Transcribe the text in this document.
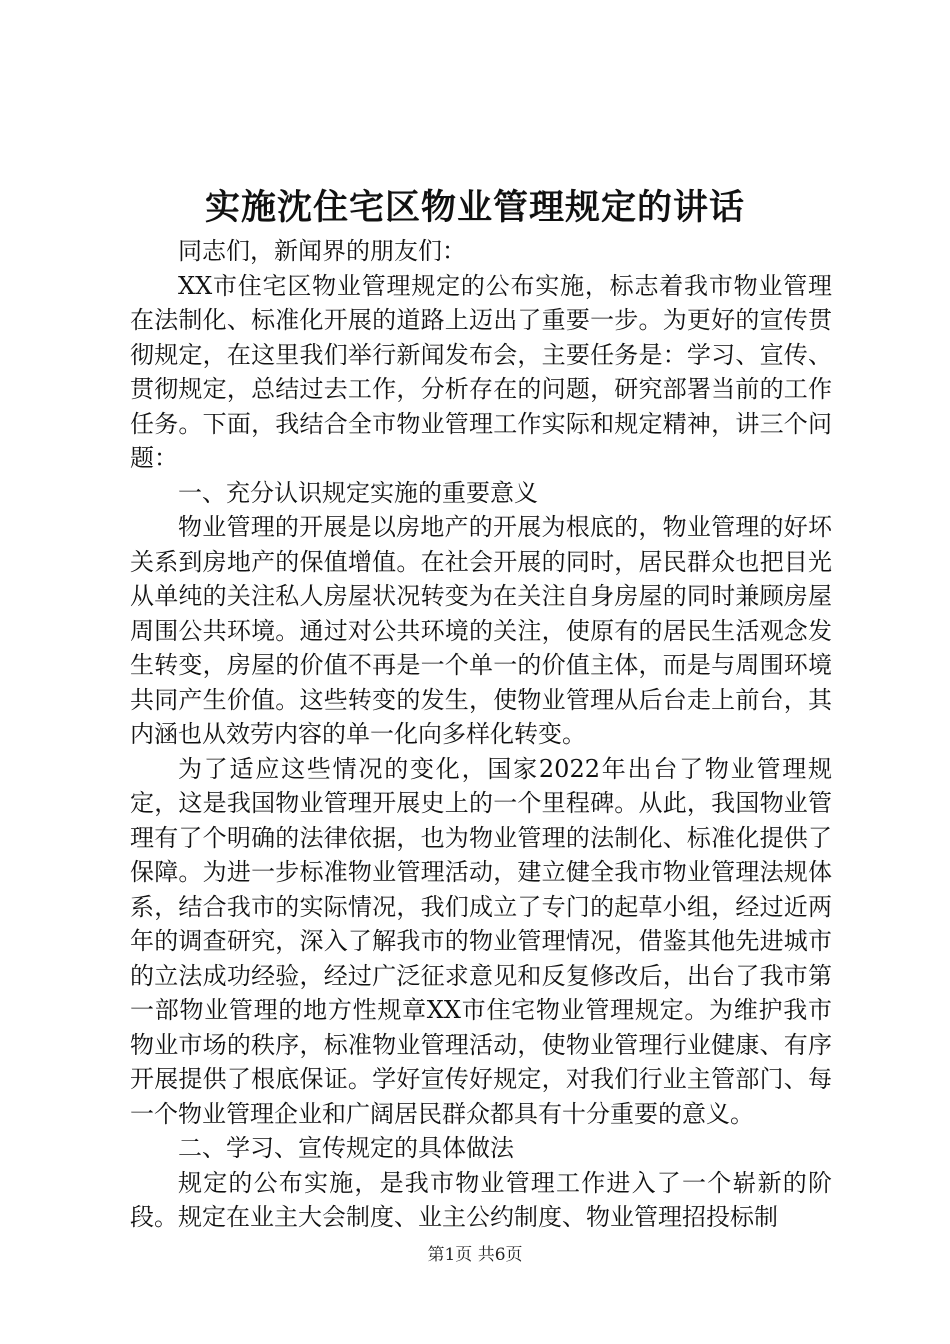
实施沈住宅区物业管理规定的讲话

同志们，新闻界的朋友们：

XX市住宅区物业管理规定的公布实施，标志着我市物业管理在法制化、标准化开展的道路上迈出了重要一步。为更好的宣传贯彻规定，在这里我们举行新闻发布会，主要任务是：学习、宣传、贯彻规定，总结过去工作，分析存在的问题，研究部署当前的工作任务。下面，我结合全市物业管理工作实际和规定精神，讲三个问题：

一、充分认识规定实施的重要意义

物业管理的开展是以房地产的开展为根底的，物业管理的好坏关系到房地产的保值增值。在社会开展的同时，居民群众也把目光从单纯的关注私人房屋状况转变为在关注自身房屋的同时兼顾房屋周围公共环境。通过对公共环境的关注，使原有的居民生活观念发生转变，房屋的价值不再是一个单一的价值主体，而是与周围环境共同产生价值。这些转变的发生，使物业管理从后台走上前台，其内涵也从效劳内容的单一化向多样化转变。

为了适应这些情况的变化，国家2022年出台了物业管理规定，这是我国物业管理开展史上的一个里程碑。从此，我国物业管理有了个明确的法律依据，也为物业管理的法制化、标准化提供了保障。为进一步标准物业管理活动，建立健全我市物业管理法规体系，结合我市的实际情况，我们成立了专门的起草小组，经过近两年的调查研究，深入了解我市的物业管理情况，借鉴其他先进城市的立法成功经验，经过广泛征求意见和反复修改后，出台了我市第一部物业管理的地方性规章XX市住宅物业管理规定。为维护我市物业市场的秩序，标准物业管理活动，使物业管理行业健康、有序开展提供了根底保证。学好宣传好规定，对我们行业主管部门、每一个物业管理企业和广阔居民群众都具有十分重要的意义。

二、学习、宣传规定的具体做法

规定的公布实施，是我市物业管理工作进入了一个崭新的阶段。规定在业主大会制度、业主公约制度、物业管理招投标制

第1页 共6页
